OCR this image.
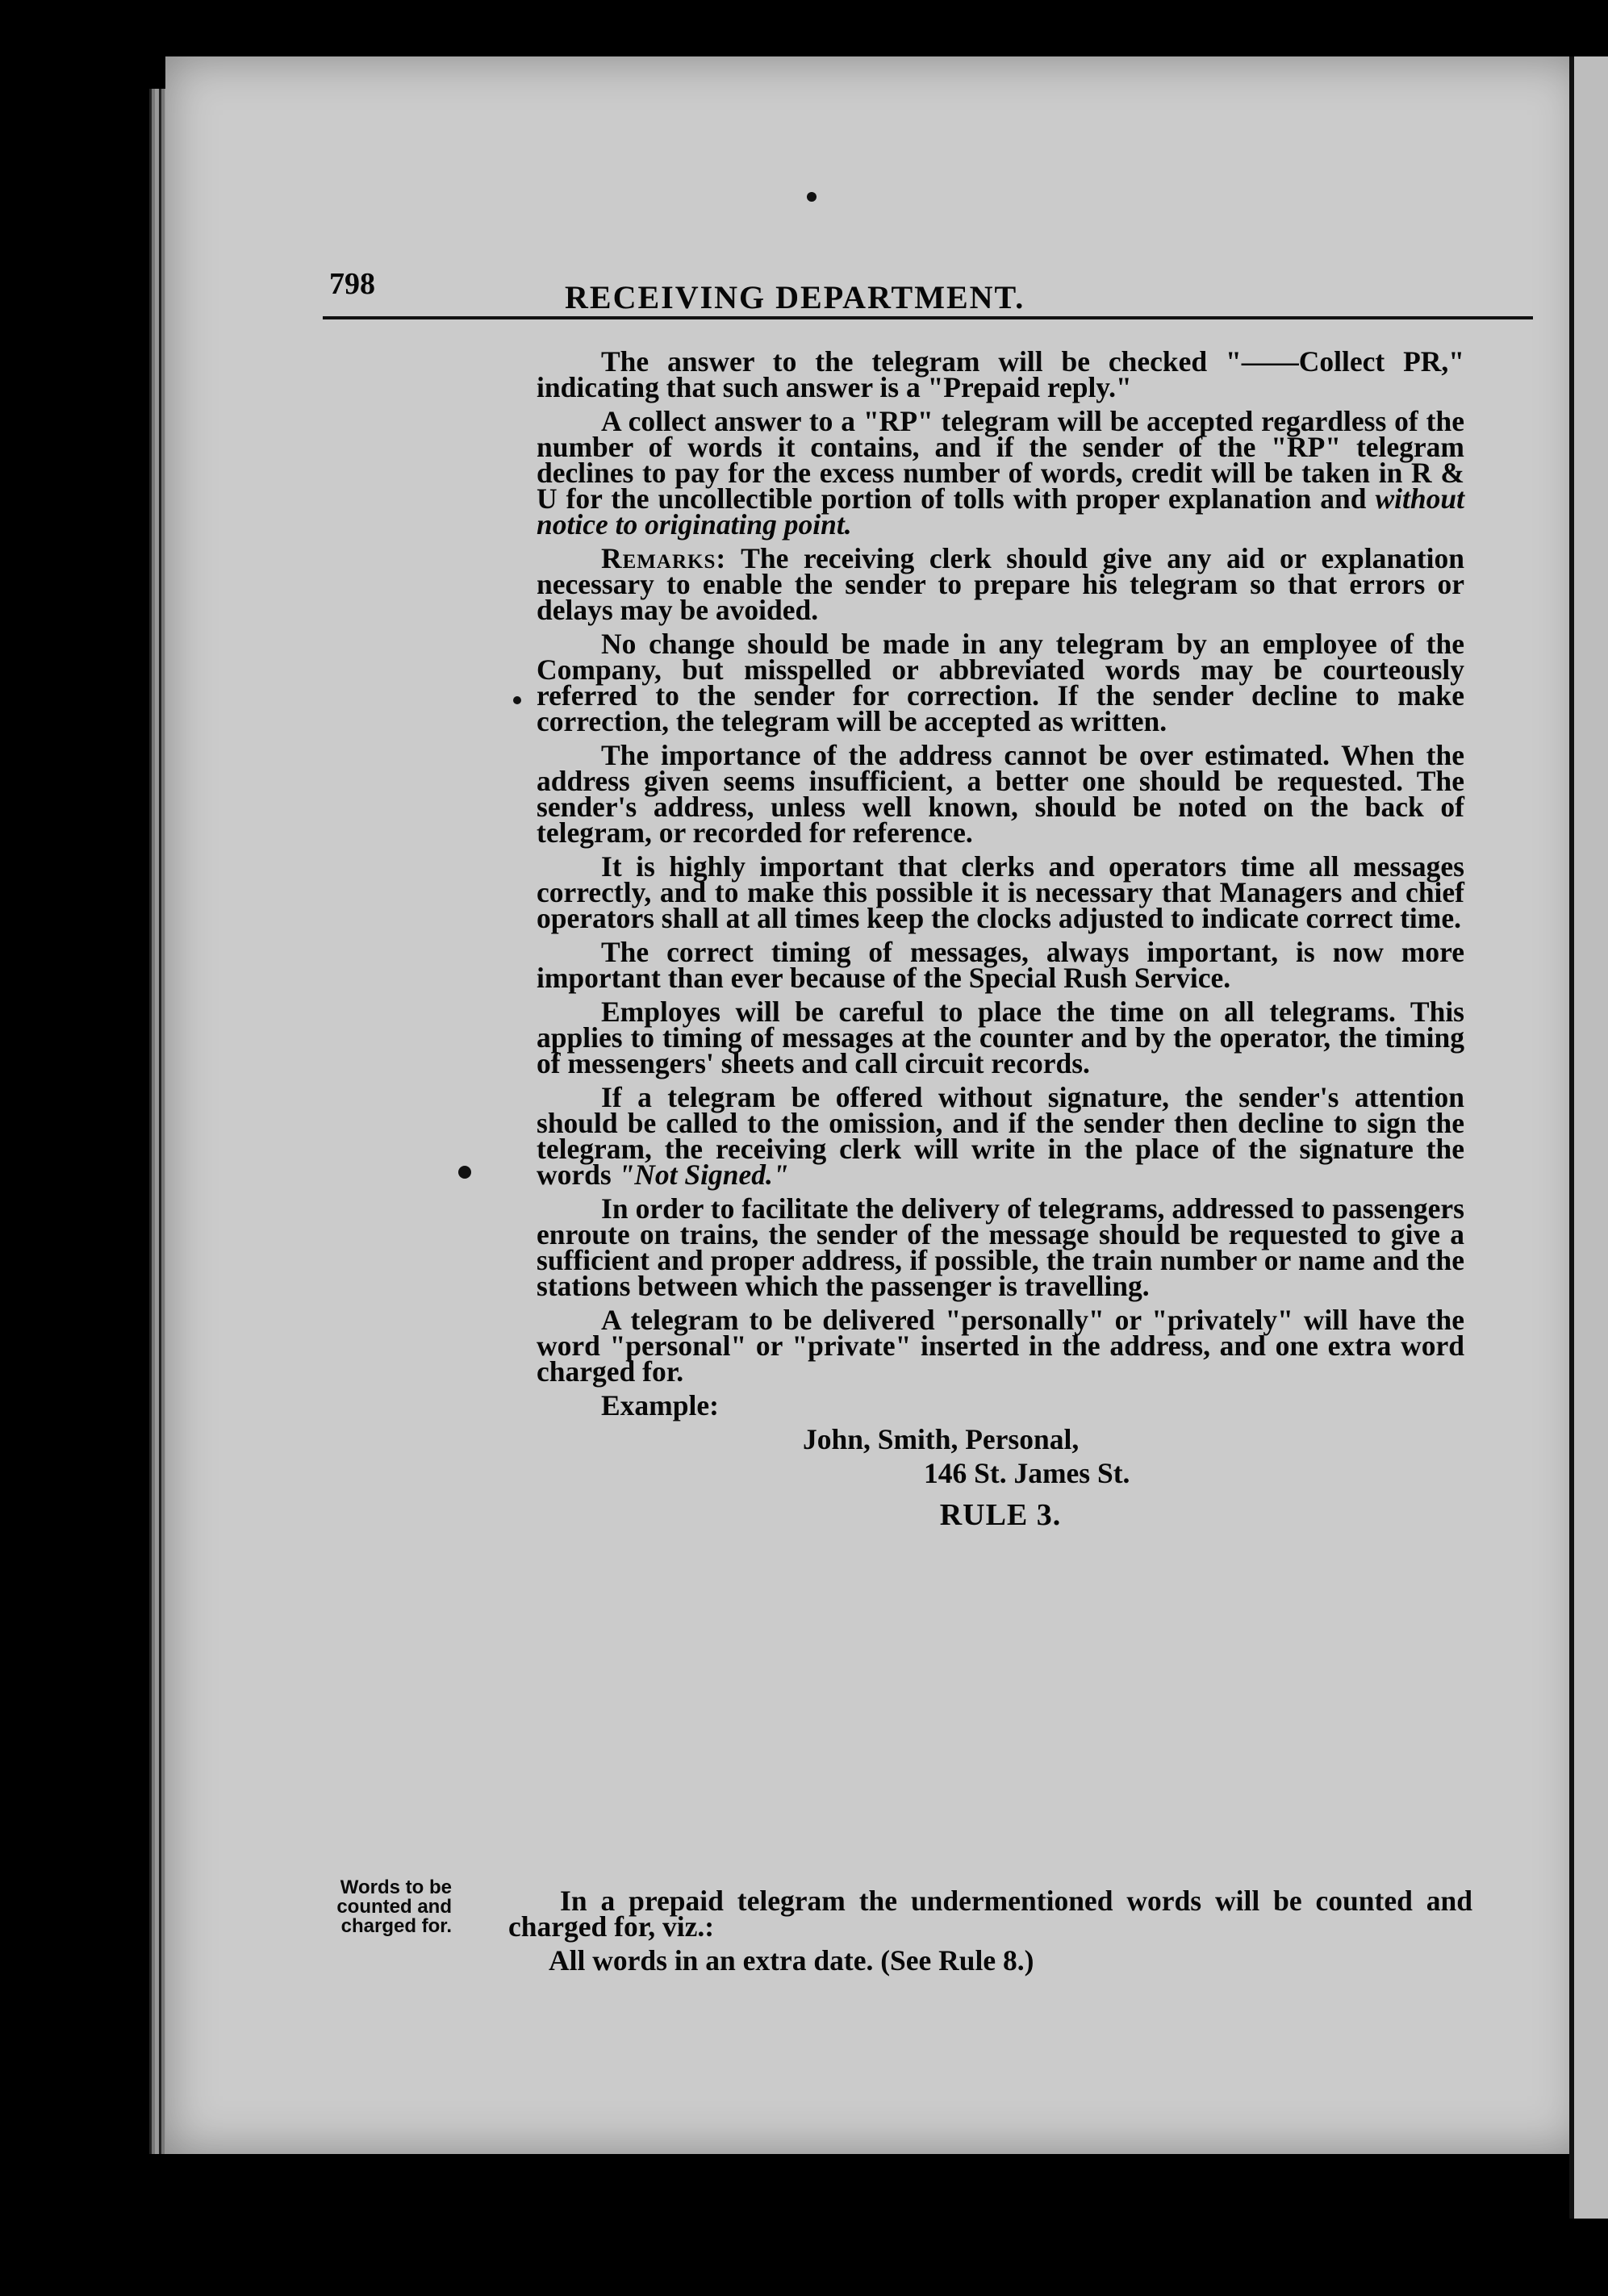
798	RECEIVING DEPARTMENT.

The answer to the telegram will be checked "——Collect PR," indicating that such answer is a "Prepaid reply."

A collect answer to a "RP" telegram will be accepted regardless of the number of words it contains, and if the sender of the "RP" telegram declines to pay for the excess number of words, credit will be taken in R & U for the uncollectible portion of tolls with proper explanation and without notice to originating point.

Remarks: The receiving clerk should give any aid or explanation necessary to enable the sender to prepare his telegram so that errors or delays may be avoided.

No change should be made in any telegram by an employee of the Company, but misspelled or abbreviated words may be courteously referred to the sender for correction. If the sender decline to make correction, the telegram will be accepted as written.

The importance of the address cannot be over estimated. When the address given seems insufficient, a better one should be requested. The sender's address, unless well known, should be noted on the back of telegram, or recorded for reference.

It is highly important that clerks and operators time all messages correctly, and to make this possible it is necessary that Managers and chief operators shall at all times keep the clocks adjusted to indicate correct time.

The correct timing of messages, always important, is now more important than ever because of the Special Rush Service.

Employes will be careful to place the time on all telegrams. This applies to timing of messages at the counter and by the operator, the timing of messengers' sheets and call circuit records.

If a telegram be offered without signature, the sender's attention should be called to the omission, and if the sender then decline to sign the telegram, the receiving clerk will write in the place of the signature the words "Not Signed."

In order to facilitate the delivery of telegrams, addressed to passengers enroute on trains, the sender of the message should be requested to give a sufficient and proper address, if possible, the train number or name and the stations between which the passenger is travelling.

A telegram to be delivered "personally" or "privately" will have the word "personal" or "private" inserted in the address, and one extra word charged for.

Example:
John, Smith, Personal,
146 St. James St.
RULE 3.
Words to be counted and charged for.

In a prepaid telegram the undermentioned words will be counted and charged for, viz.:

All words in an extra date. (See Rule 8.)
